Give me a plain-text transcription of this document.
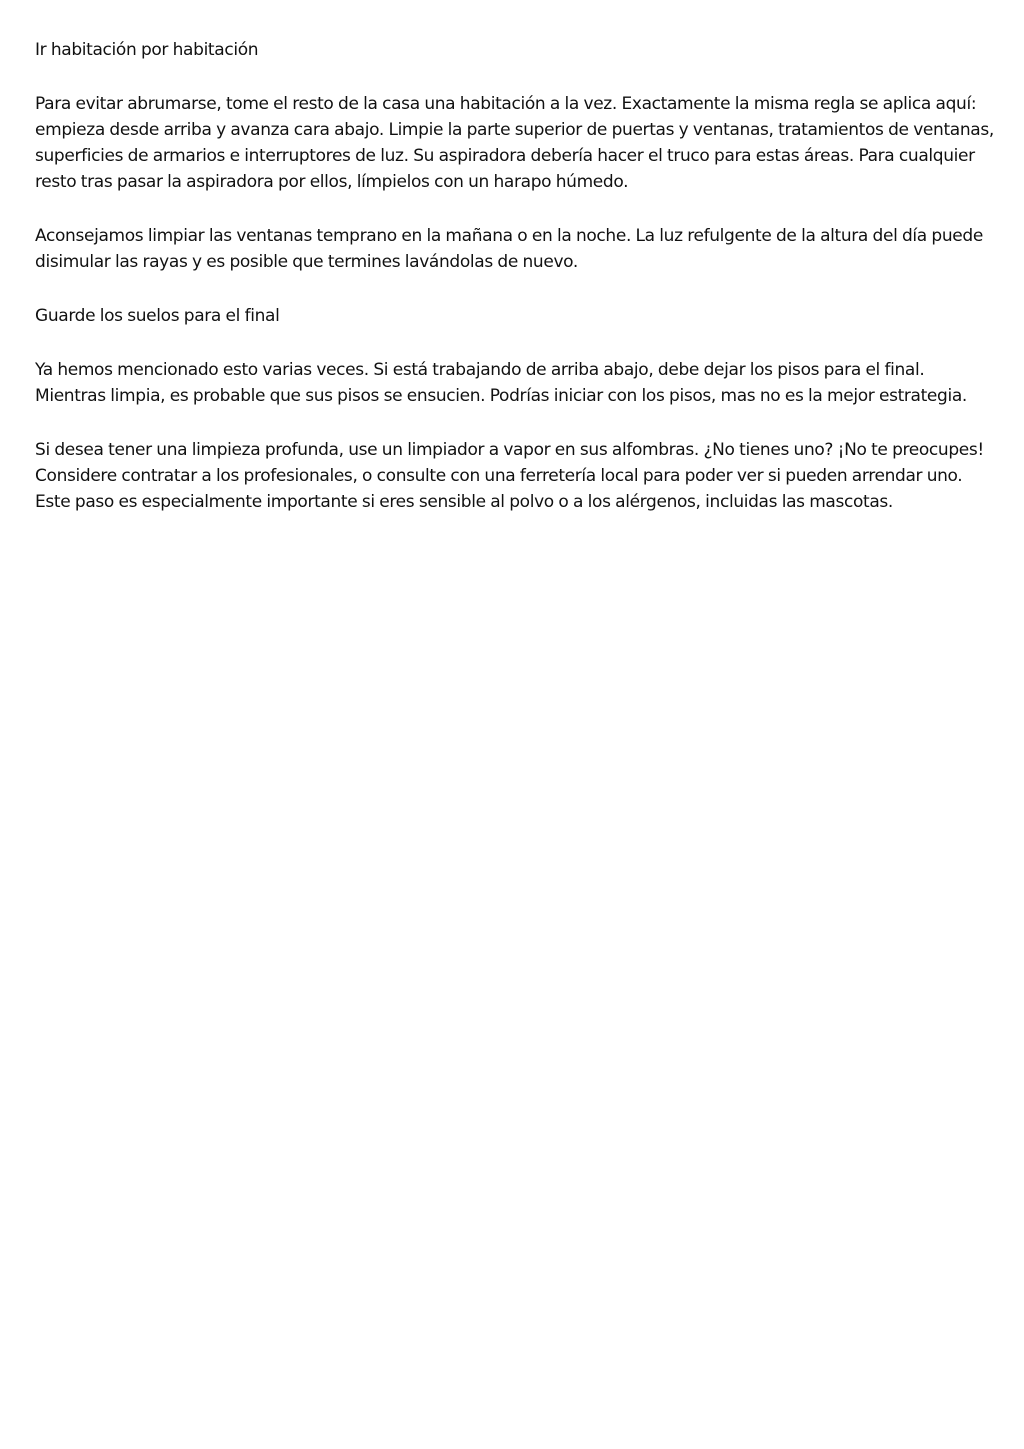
Ir habitación por habitación
Para evitar abrumarse, tome el resto de la casa una habitación a la vez. Exactamente la misma regla se aplica aquí: empieza desde arriba y avanza cara abajo. Limpie la parte superior de puertas y ventanas, tratamientos de ventanas, superficies de armarios e interruptores de luz. Su aspiradora debería hacer el truco para estas áreas. Para cualquier resto tras pasar la aspiradora por ellos, límpielos con un harapo húmedo.
Aconsejamos limpiar las ventanas temprano en la mañana o en la noche. La luz refulgente de la altura del día puede disimular las rayas y es posible que termines lavándolas de nuevo.
Guarde los suelos para el final
Ya hemos mencionado esto varias veces. Si está trabajando de arriba abajo, debe dejar los pisos para el final. Mientras limpia, es probable que sus pisos se ensucien. Podrías iniciar con los pisos, mas no es la mejor estrategia.
Si desea tener una limpieza profunda, use un limpiador a vapor en sus alfombras. ¿No tienes uno? ¡No te preocupes! Considere contratar a los profesionales, o consulte con una ferretería local para poder ver si pueden arrendar uno. Este paso es especialmente importante si eres sensible al polvo o a los alérgenos, incluidas las mascotas.
